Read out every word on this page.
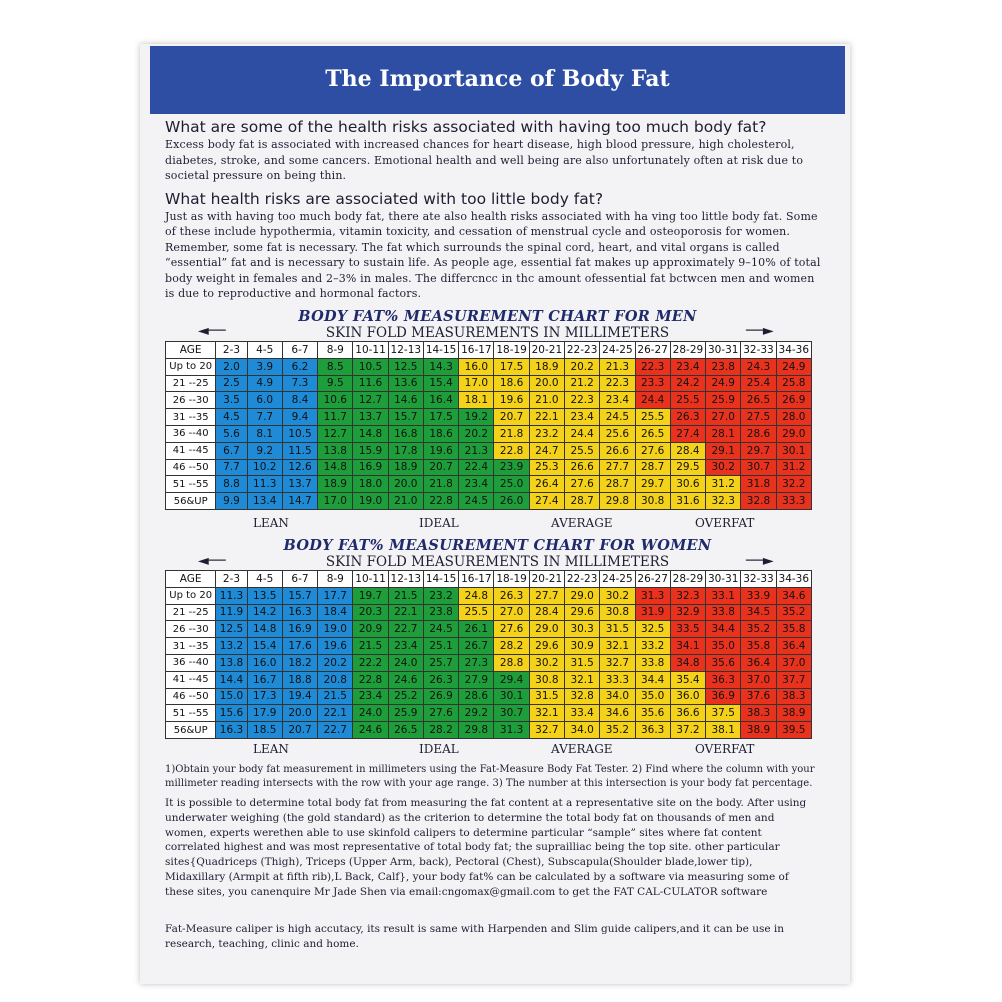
The Importance of Body Fat

What are some of the health risks associated with having too much body fat?

Excess body fat is associated with increased chances for heart disease, high blood pressure, high cholesterol, diabetes, stroke, and some cancers. Emotional health and well being are also unfortunately often at risk due to societal pressure on being thin.

What health risks are associated with too little body fat?

Just as with having too much body fat, there ate also health risks associated with ha ving too little body fat. Some of these include hypothermia, vitamin toxicity, and cessation of menstrual cycle and osteoporosis for women. Remember, some fat is necessary. The fat which surrounds the spinal cord, heart, and vital organs is called “essential” fat and is necessary to sustain life. As people age, essential fat makes up approximately 9–10% of total body weight in females and 2–3% in males. The differcncc in thc amount ofessential fat bctwcen men and women is due to reproductive and hormonal factors.

BODY FAT% MEASUREMENT CHART FOR MEN
◄──	──►
SKIN FOLD MEASUREMENTS IN MILLIMETERS
AGE	2-3	4-5	6-7	8-9	10-11	12-13	14-15	16-17	18-19	20-21	22-23	24-25	26-27	28-29	30-31	32-33	34-36
Up to 20	2.0	3.9	6.2	8.5	10.5	12.5	14.3	16.0	17.5	18.9	20.2	21.3	22.3	23.4	23.8	24.3	24.9
21 --25	2.5	4.9	7.3	9.5	11.6	13.6	15.4	17.0	18.6	20.0	21.2	22.3	23.3	24.2	24.9	25.4	25.8
26 --30	3.5	6.0	8.4	10.6	12.7	14.6	16.4	18.1	19.6	21.0	22.3	23.4	24.4	25.5	25.9	26.5	26.9
31 --35	4.5	7.7	9.4	11.7	13.7	15.7	17.5	19.2	20.7	22.1	23.4	24.5	25.5	26.3	27.0	27.5	28.0
36 --40	5.6	8.1	10.5	12.7	14.8	16.8	18.6	20.2	21.8	23.2	24.4	25.6	26.5	27.4	28.1	28.6	29.0
41 --45	6.7	9.2	11.5	13.8	15.9	17.8	19.6	21.3	22.8	24.7	25.5	26.6	27.6	28.4	29.1	29.7	30.1
46 --50	7.7	10.2	12.6	14.8	16.9	18.9	20.7	22.4	23.9	25.3	26.6	27.7	28.7	29.5	30.2	30.7	31.2
51 --55	8.8	11.3	13.7	18.9	18.0	20.0	21.8	23.4	25.0	26.4	27.6	28.7	29.7	30.6	31.2	31.8	32.2
56&UP	9.9	13.4	14.7	17.0	19.0	21.0	22.8	24.5	26.0	27.4	28.7	29.8	30.8	31.6	32.3	32.8	33.3
LEAN	IDEAL	AVERAGE	OVERFAT
BODY FAT% MEASUREMENT CHART FOR WOMEN
◄──	──►
SKIN FOLD MEASUREMENTS IN MILLIMETERS
AGE	2-3	4-5	6-7	8-9	10-11	12-13	14-15	16-17	18-19	20-21	22-23	24-25	26-27	28-29	30-31	32-33	34-36
Up to 20	11.3	13.5	15.7	17.7	19.7	21.5	23.2	24.8	26.3	27.7	29.0	30.2	31.3	32.3	33.1	33.9	34.6
21 --25	11.9	14.2	16.3	18.4	20.3	22.1	23.8	25.5	27.0	28.4	29.6	30.8	31.9	32.9	33.8	34.5	35.2
26 --30	12.5	14.8	16.9	19.0	20.9	22.7	24.5	26.1	27.6	29.0	30.3	31.5	32.5	33.5	34.4	35.2	35.8
31 --35	13.2	15.4	17.6	19.6	21.5	23.4	25.1	26.7	28.2	29.6	30.9	32.1	33.2	34.1	35.0	35.8	36.4
36 --40	13.8	16.0	18.2	20.2	22.2	24.0	25.7	27.3	28.8	30.2	31.5	32.7	33.8	34.8	35.6	36.4	37.0
41 --45	14.4	16.7	18.8	20.8	22.8	24.6	26.3	27.9	29.4	30.8	32.1	33.3	34.4	35.4	36.3	37.0	37.7
46 --50	15.0	17.3	19.4	21.5	23.4	25.2	26.9	28.6	30.1	31.5	32.8	34.0	35.0	36.0	36.9	37.6	38.3
51 --55	15.6	17.9	20.0	22.1	24.0	25.9	27.6	29.2	30.7	32.1	33.4	34.6	35.6	36.6	37.5	38.3	38.9
56&UP	16.3	18.5	20.7	22.7	24.6	26.5	28.2	29.8	31.3	32.7	34.0	35.2	36.3	37.2	38.1	38.9	39.5
LEAN	IDEAL	AVERAGE	OVERFAT
1)Obtain your body fat measurement in millimeters using the Fat-Measure Body Fat Tester. 2) Find where the column with your millimeter reading intersects with the row with your age range. 3) The number at this intersection is your body fat percentage.
It is possible to determine total body fat from measuring the fat content at a representative site on the body. After using underwater weighing (the gold standard) as the criterion to determine the total body fat on thousands of men and women, experts werethen able to use skinfold calipers to determine particular “sample” sites where fat content correlated highest and was most representative of total body fat; the suprailliac being the top site. other particular sites{Quadriceps (Thigh), Triceps (Upper Arm, back), Pectoral (Chest), Subscapula(Shoulder blade,lower tip), Midaxillary (Armpit at fifth rib),L Back, Calf}, your body fat% can be calculated by a software via measuring some of these sites, you canenquire Mr Jade Shen via email:cngomax@gmail.com to get the FAT CAL-CULATOR software
Fat-Measure caliper is high accutacy, its result is same with Harpenden and Slim guide calipers,and it can be use in research, teaching, clinic and home.
